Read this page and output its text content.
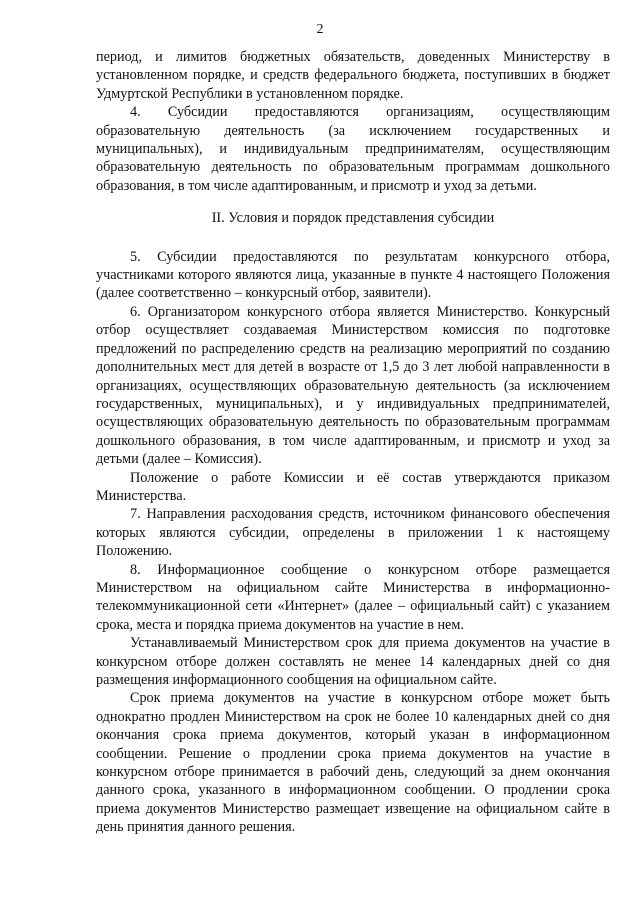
2

период, и лимитов бюджетных обязательств, доведенных Министерству в установленном порядке, и средств федерального бюджета, поступивших в бюджет Удмуртской Республики в установленном порядке.

4. Субсидии предоставляются организациям, осуществляющим образовательную деятельность (за исключением государственных и муниципальных), и индивидуальным предпринимателям, осуществляющим образовательную деятельность по образовательным программам дошкольного образования, в том числе адаптированным, и присмотр и уход за детьми.

II. Условия и порядок представления субсидии

5. Субсидии предоставляются по результатам конкурсного отбора, участниками которого являются лица, указанные в пункте 4 настоящего Положения (далее соответственно – конкурсный отбор, заявители).

6. Организатором конкурсного отбора является Министерство. Конкурсный отбор осуществляет создаваемая Министерством комиссия по подготовке предложений по распределению средств на реализацию мероприятий по созданию дополнительных мест для детей в возрасте от 1,5 до 3 лет любой направленности в организациях, осуществляющих образовательную деятельность (за исключением государственных, муниципальных), и у индивидуальных предпринимателей, осуществляющих образовательную деятельность по образовательным программам дошкольного образования, в том числе адаптированным, и присмотр и уход за детьми (далее – Комиссия).

Положение о работе Комиссии и её состав утверждаются приказом Министерства.

7. Направления расходования средств, источником финансового обеспечения которых являются субсидии, определены в приложении 1 к настоящему Положению.

8. Информационное сообщение о конкурсном отборе размещается Министерством на официальном сайте Министерства в информационно-телекоммуникационной сети «Интернет» (далее – официальный сайт) с указанием срока, места и порядка приема документов на участие в нем.

Устанавливаемый Министерством срок для приема документов на участие в конкурсном отборе должен составлять не менее 14 календарных дней со дня размещения информационного сообщения на официальном сайте.

Срок приема документов на участие в конкурсном отборе может быть однократно продлен Министерством на срок не более 10 календарных дней со дня окончания срока приема документов, который указан в информационном сообщении. Решение о продлении срока приема документов на участие в конкурсном отборе принимается в рабочий день, следующий за днем окончания данного срока, указанного в информационном сообщении. О продлении срока приема документов Министерство размещает извещение на официальном сайте в день принятия данного решения.
